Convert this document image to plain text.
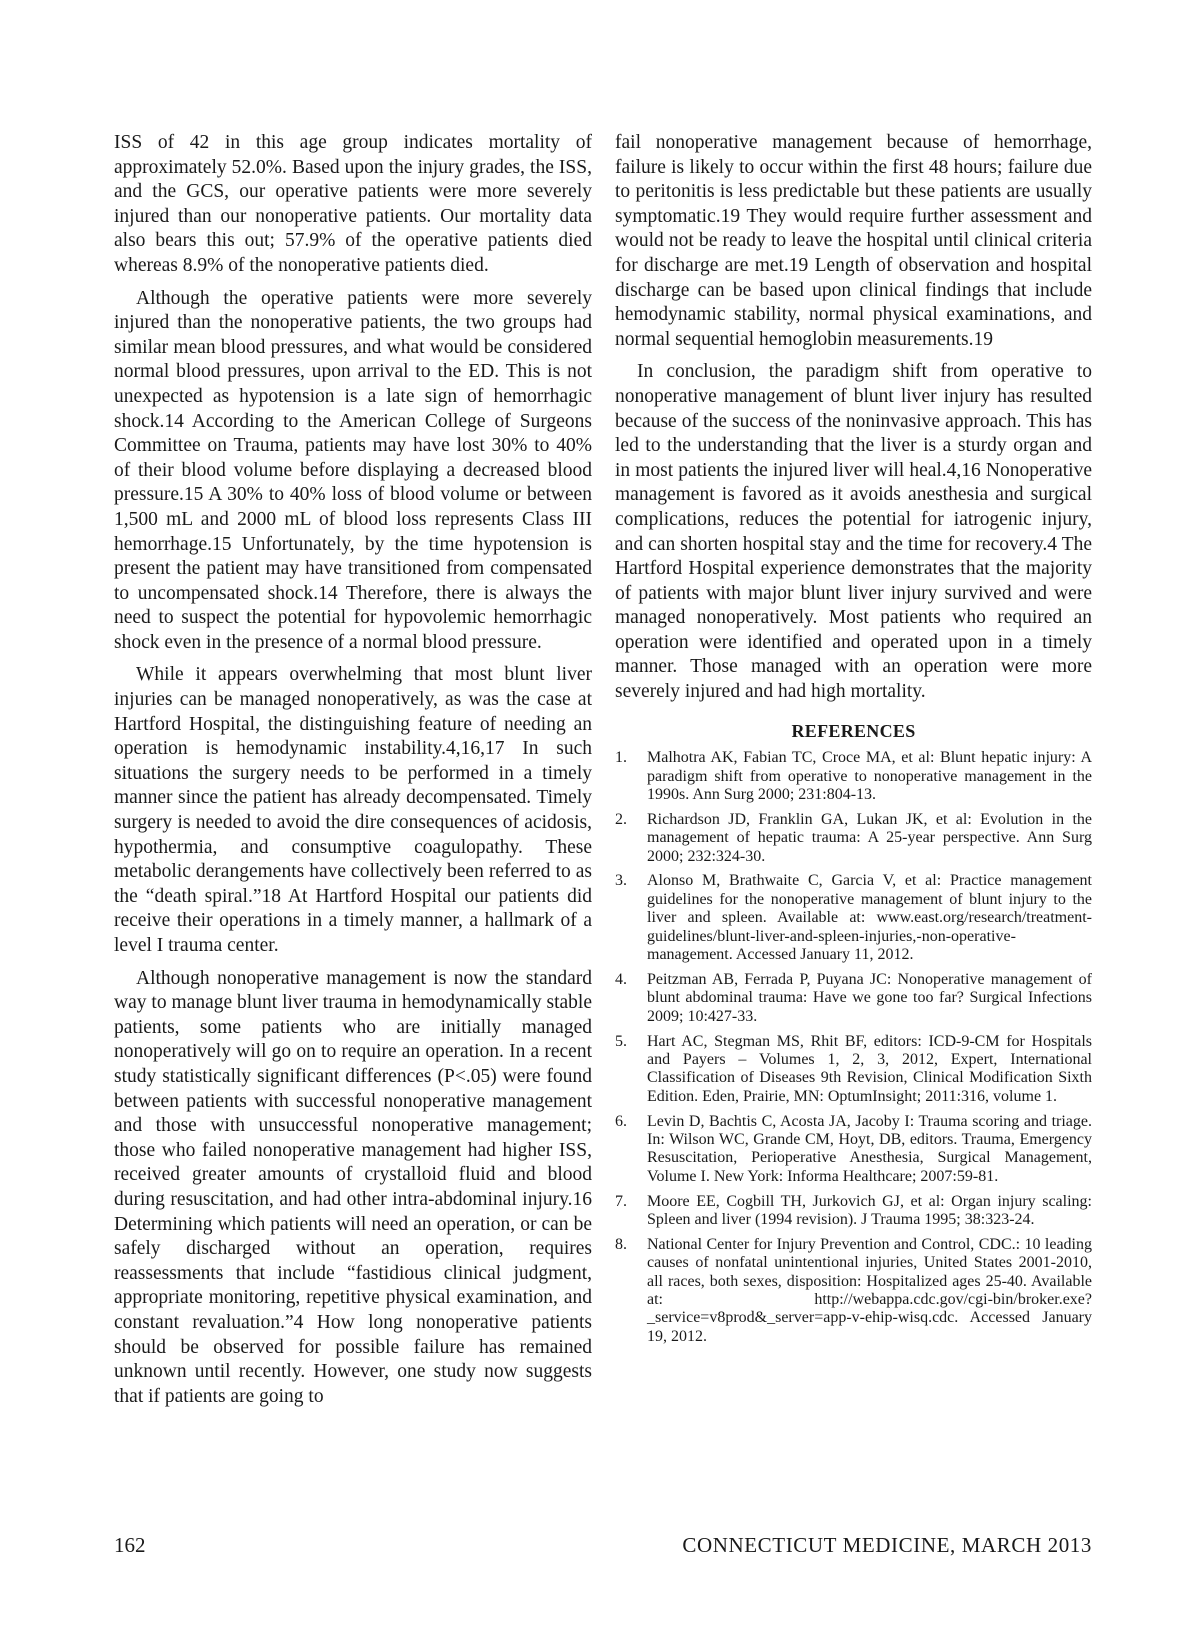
ISS of 42 in this age group indicates mortality of approximately 52.0%. Based upon the injury grades, the ISS, and the GCS, our operative patients were more severely injured than our nonoperative patients. Our mortality data also bears this out; 57.9% of the operative patients died whereas 8.9% of the nonoperative patients died.

Although the operative patients were more severely injured than the nonoperative patients, the two groups had similar mean blood pressures, and what would be considered normal blood pressures, upon arrival to the ED. This is not unexpected as hypotension is a late sign of hemorrhagic shock.14 According to the American College of Surgeons Committee on Trauma, patients may have lost 30% to 40% of their blood volume before displaying a decreased blood pressure.15 A 30% to 40% loss of blood volume or between 1,500 mL and 2000 mL of blood loss represents Class III hemorrhage.15 Unfortunately, by the time hypotension is present the patient may have transitioned from compensated to uncompensated shock.14 Therefore, there is always the need to suspect the potential for hypovolemic hemorrhagic shock even in the presence of a normal blood pressure.

While it appears overwhelming that most blunt liver injuries can be managed nonoperatively, as was the case at Hartford Hospital, the distinguishing feature of needing an operation is hemodynamic instability.4,16,17 In such situations the surgery needs to be performed in a timely manner since the patient has already decompensated. Timely surgery is needed to avoid the dire consequences of acidosis, hypothermia, and consumptive coagulopathy. These metabolic derangements have collectively been referred to as the “death spiral.”18 At Hartford Hospital our patients did receive their operations in a timely manner, a hallmark of a level I trauma center.

Although nonoperative management is now the standard way to manage blunt liver trauma in hemodynamically stable patients, some patients who are initially managed nonoperatively will go on to require an operation. In a recent study statistically significant differences (P<.05) were found between patients with successful nonoperative management and those with unsuccessful nonoperative management; those who failed nonoperative management had higher ISS, received greater amounts of crystalloid fluid and blood during resuscitation, and had other intra-abdominal injury.16 Determining which patients will need an operation, or can be safely discharged without an operation, requires reassessments that include “fastidious clinical judgment, appropriate monitoring, repetitive physical examination, and constant revaluation.”4 How long nonoperative patients should be observed for possible failure has remained unknown until recently. However, one study now suggests that if patients are going to

fail nonoperative management because of hemorrhage, failure is likely to occur within the first 48 hours; failure due to peritonitis is less predictable but these patients are usually symptomatic.19 They would require further assessment and would not be ready to leave the hospital until clinical criteria for discharge are met.19 Length of observation and hospital discharge can be based upon clinical findings that include hemodynamic stability, normal physical examinations, and normal sequential hemoglobin measurements.19

In conclusion, the paradigm shift from operative to nonoperative management of blunt liver injury has resulted because of the success of the noninvasive approach. This has led to the understanding that the liver is a sturdy organ and in most patients the injured liver will heal.4,16 Nonoperative management is favored as it avoids anesthesia and surgical complications, reduces the potential for iatrogenic injury, and can shorten hospital stay and the time for recovery.4 The Hartford Hospital experience demonstrates that the majority of patients with major blunt liver injury survived and were managed nonoperatively. Most patients who required an operation were identified and operated upon in a timely manner. Those managed with an operation were more severely injured and had high mortality.

REFERENCES
1.	Malhotra AK, Fabian TC, Croce MA, et al: Blunt hepatic injury: A paradigm shift from operative to nonoperative management in the 1990s. Ann Surg 2000; 231:804-13.
2.	Richardson JD, Franklin GA, Lukan JK, et al: Evolution in the management of hepatic trauma: A 25-year perspective. Ann Surg 2000; 232:324-30.
3.	Alonso M, Brathwaite C, Garcia V, et al: Practice management guidelines for the nonoperative management of blunt injury to the liver and spleen. Available at: www.east.org/research/treatment-guidelines/blunt-liver-and-spleen-injuries,-non-operative-management. Accessed January 11, 2012.
4.	Peitzman AB, Ferrada P, Puyana JC: Nonoperative management of blunt abdominal trauma: Have we gone too far? Surgical Infections 2009; 10:427-33.
5.	Hart AC, Stegman MS, Rhit BF, editors: ICD-9-CM for Hospitals and Payers – Volumes 1, 2, 3, 2012, Expert, International Classification of Diseases 9th Revision, Clinical Modification Sixth Edition. Eden, Prairie, MN: OptumInsight; 2011:316, volume 1.
6.	Levin D, Bachtis C, Acosta JA, Jacoby I: Trauma scoring and triage. In: Wilson WC, Grande CM, Hoyt, DB, editors. Trauma, Emergency Resuscitation, Perioperative Anesthesia, Surgical Management, Volume I. New York: Informa Healthcare; 2007:59-81.
7.	Moore EE, Cogbill TH, Jurkovich GJ, et al: Organ injury scaling: Spleen and liver (1994 revision). J Trauma 1995; 38:323-24.
8.	National Center for Injury Prevention and Control, CDC.: 10 leading causes of nonfatal unintentional injuries, United States 2001-2010, all races, both sexes, disposition: Hospitalized ages 25-40. Available at: http://webappa.cdc.gov/cgi-bin/broker.exe?_service=v8prod&_server=app-v-ehip-wisq.cdc. Accessed January 19, 2012.
162	CONNECTICUT MEDICINE, MARCH 2013
